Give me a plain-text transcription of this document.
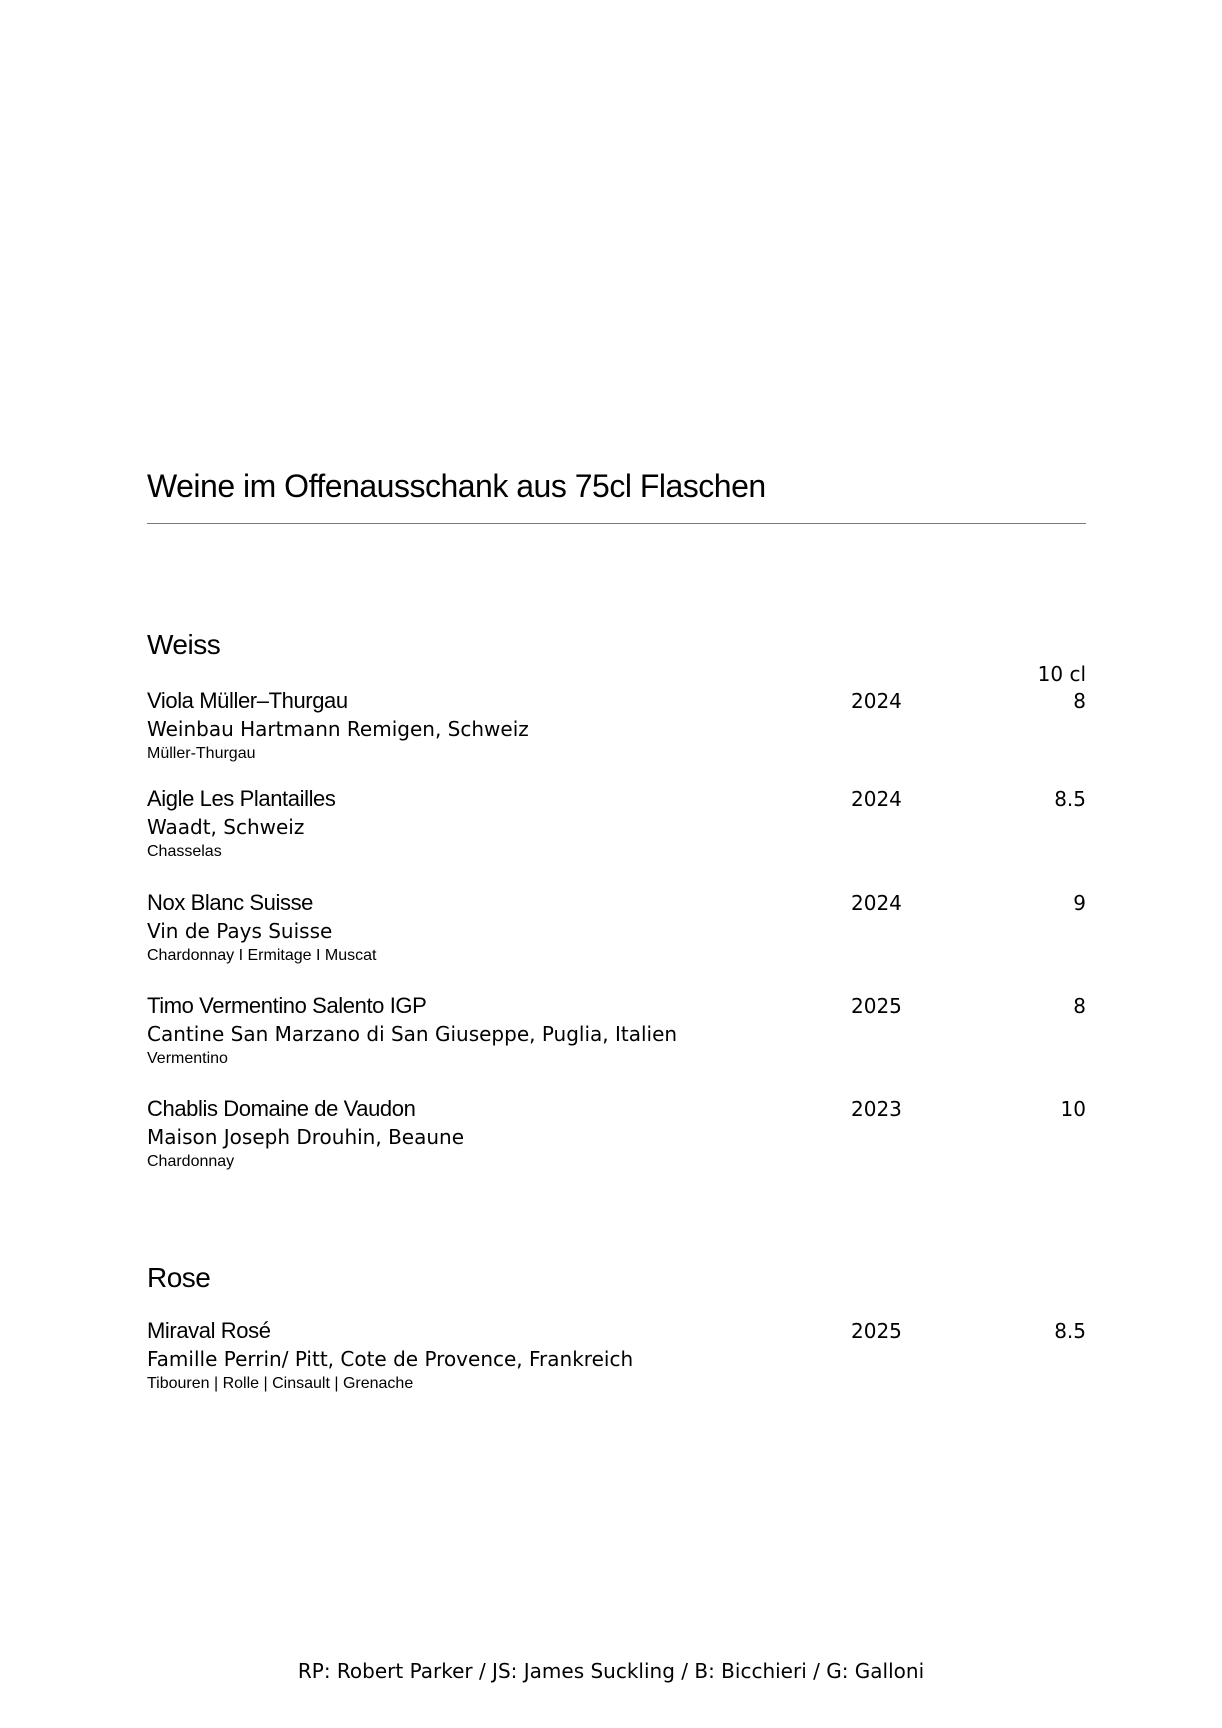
Weine im Offenausschank aus 75cl Flaschen
Weiss
10 cl
Viola Müller–Thurgau	2024	8
Weinbau Hartmann Remigen, Schweiz
Müller-Thurgau
Aigle Les Plantailles	2024	8.5
Waadt, Schweiz
Chasselas
Nox Blanc Suisse	2024	9
Vin de Pays Suisse
Chardonnay I Ermitage I Muscat
Timo Vermentino Salento IGP	2025	8
Cantine San Marzano di San Giuseppe, Puglia, Italien
Vermentino
Chablis Domaine de Vaudon	2023	10
Maison Joseph Drouhin, Beaune
Chardonnay
Rose
Miraval Rosé	2025	8.5
Famille Perrin/ Pitt, Cote de Provence, Frankreich
Tibouren | Rolle | Cinsault | Grenache
RP: Robert Parker / JS: James Suckling / B: Bicchieri / G: Galloni
